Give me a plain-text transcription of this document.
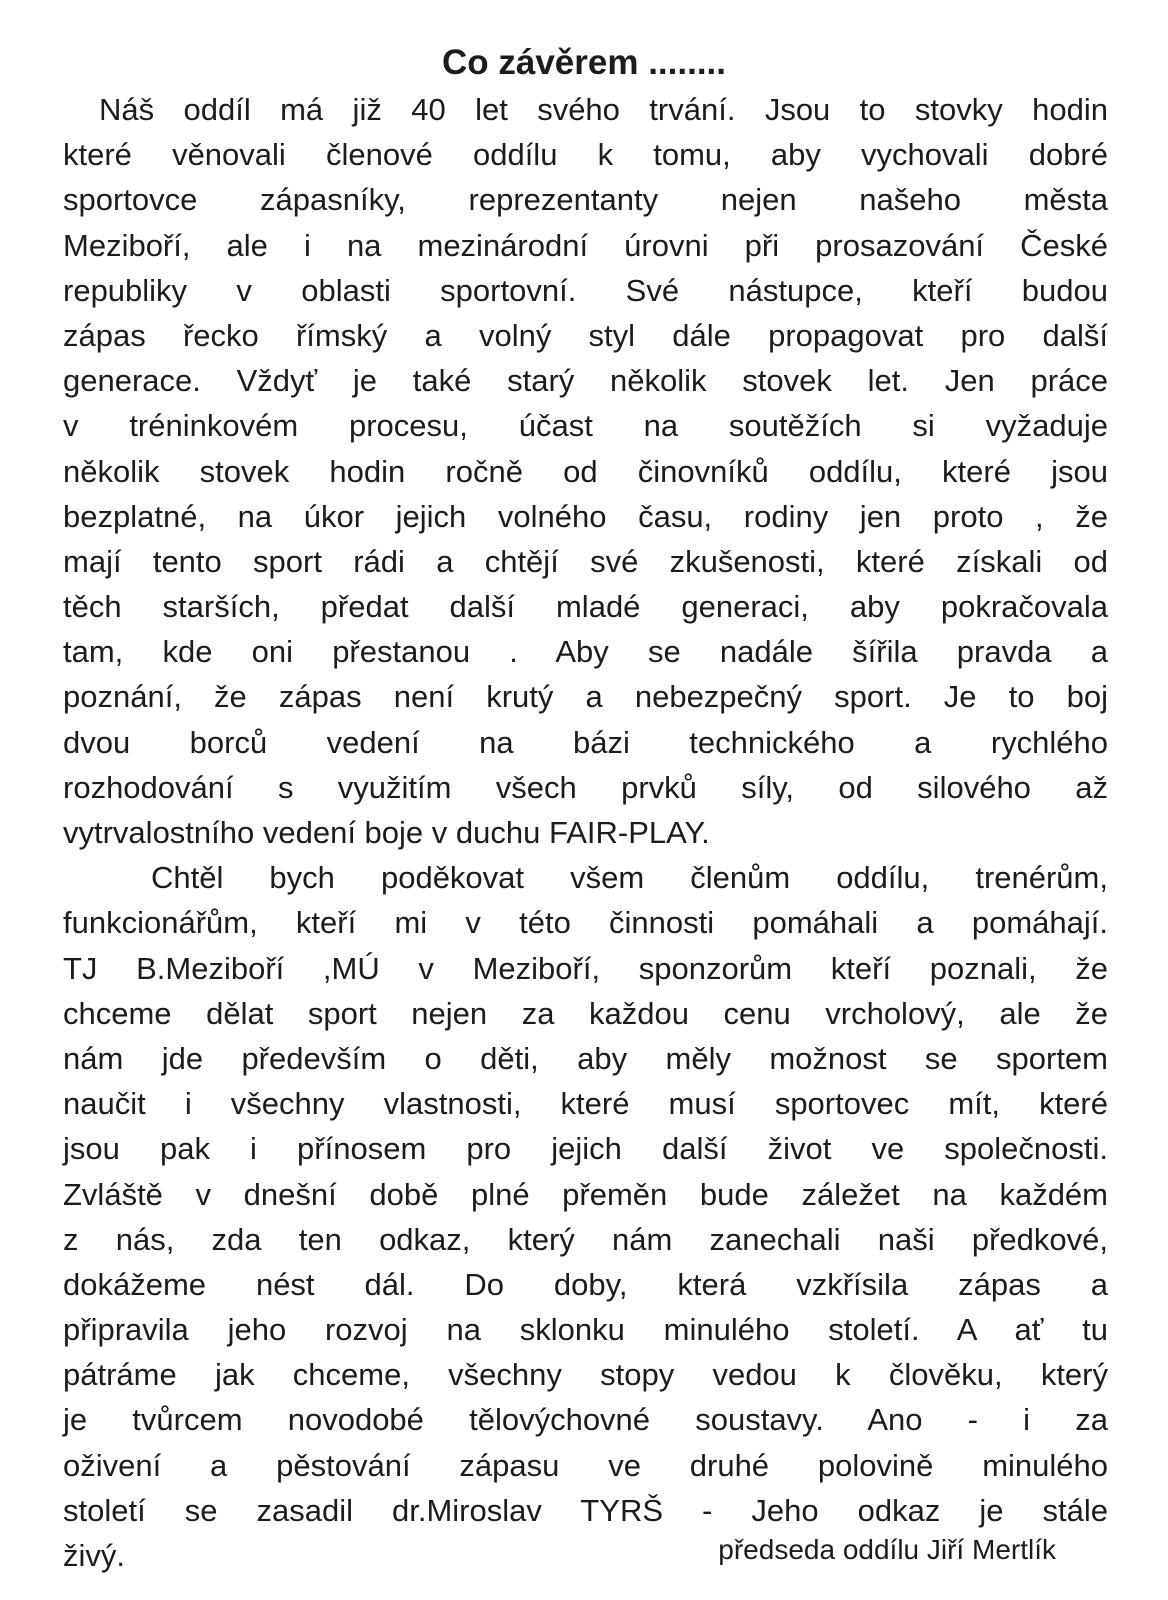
Co závěrem ........
Náš oddíl má již 40 let svého trvání. Jsou to stovky hodin
které věnovali členové oddílu k tomu, aby vychovali dobré
sportovce zápasníky, reprezentanty nejen našeho města
Meziboří, ale i na mezinárodní úrovni při prosazování České
republiky v oblasti sportovní. Své nástupce, kteří budou
zápas řecko římský a volný styl dále propagovat pro další
generace. Vždyť je také starý několik stovek let. Jen práce
v tréninkovém procesu, účast na soutěžích si vyžaduje
několik stovek hodin ročně od činovníků oddílu, které jsou
bezplatné, na úkor jejich volného času, rodiny jen proto , že
mají tento sport rádi a chtějí své zkušenosti, které získali od
těch starších, předat další mladé generaci, aby pokračovala
tam, kde oni přestanou . Aby se nadále šířila pravda a
poznání, že zápas není krutý a nebezpečný sport. Je to boj
dvou borců vedení na bázi technického a rychlého
rozhodování s využitím všech prvků síly, od silového až
vytrvalostního vedení boje v duchu FAIR-PLAY.
Chtěl bych poděkovat všem členům oddílu, trenérům,
funkcionářům, kteří mi v této činnosti pomáhali a pomáhají.
TJ B.Meziboří ,MÚ v Meziboří, sponzorům kteří poznali, že
chceme dělat sport nejen za každou cenu vrcholový, ale že
nám jde především o děti, aby měly možnost se sportem
naučit i všechny vlastnosti, které musí sportovec mít, které
jsou pak i přínosem pro jejich další život ve společnosti.
Zvláště v dnešní době plné přeměn bude záležet na každém
z nás, zda ten odkaz, který nám zanechali naši předkové,
dokážeme nést dál. Do doby, která vzkřísila zápas a
připravila jeho rozvoj na sklonku minulého století. A ať tu
pátráme jak chceme, všechny stopy vedou k člověku, který
je tvůrcem novodobé tělovýchovné soustavy. Ano - i za
oživení a pěstování zápasu ve druhé polovině minulého
století se zasadil dr.Miroslav TYRŠ - Jeho odkaz je stále
živý.	předseda oddílu Jiří Mertlík
